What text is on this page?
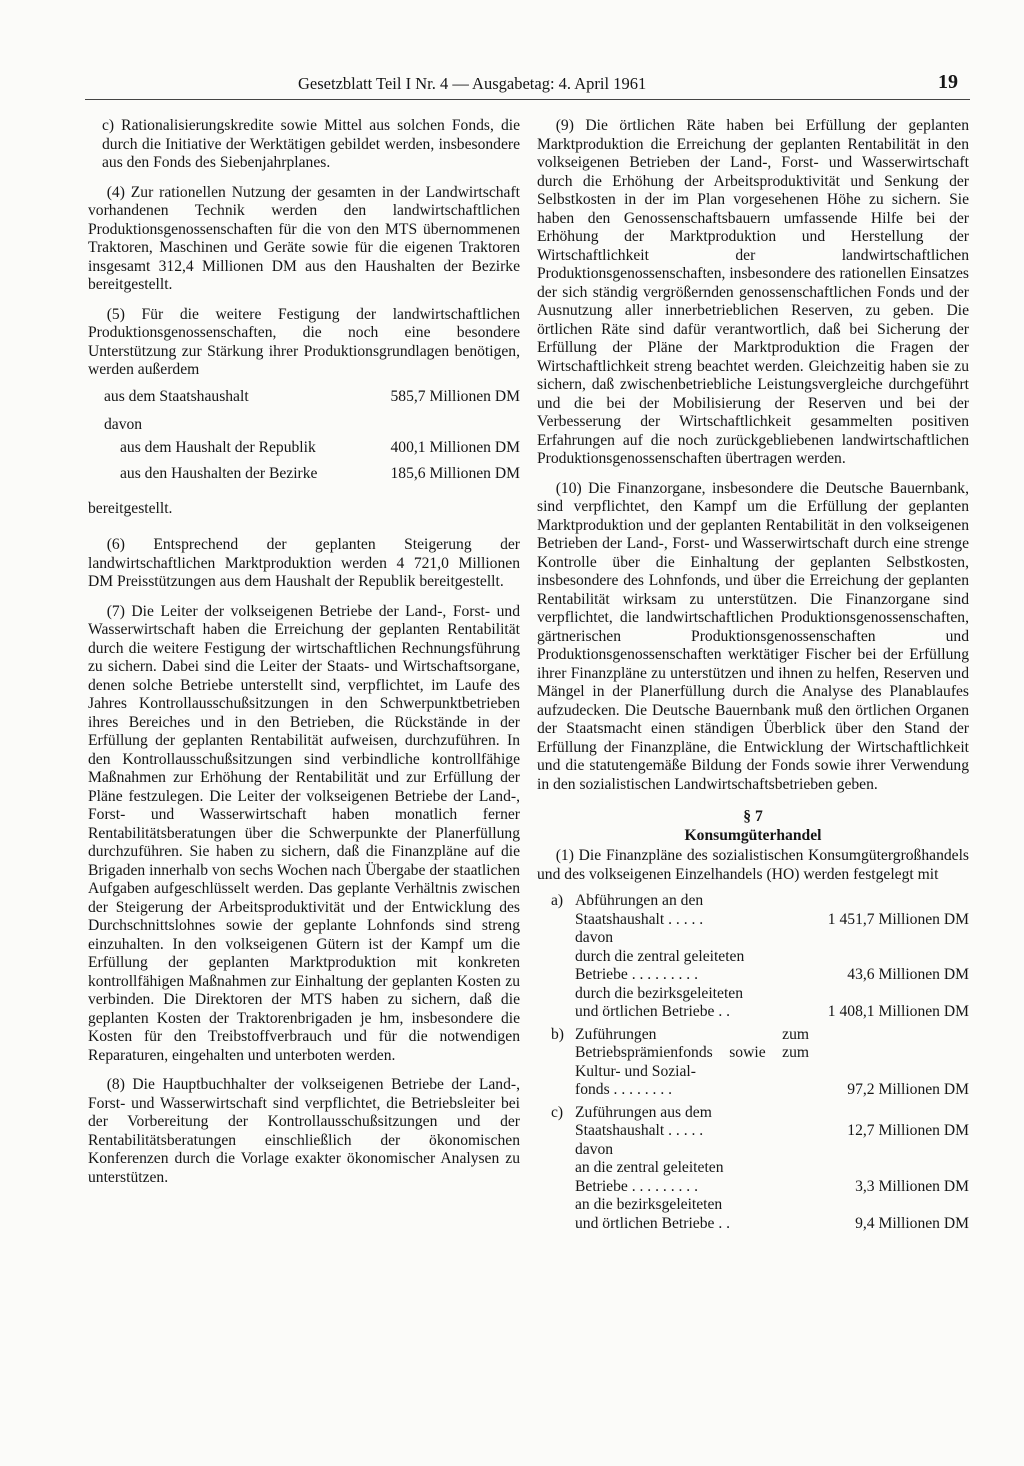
Gesetzblatt Teil I Nr. 4 — Ausgabetag: 4. April 1961	19

c) Rationalisierungskredite sowie Mittel aus solchen Fonds, die durch die Initiative der Werktätigen gebildet werden, insbesondere aus den Fonds des Siebenjahrplanes.

(4) Zur rationellen Nutzung der gesamten in der Landwirtschaft vorhandenen Technik werden den landwirtschaftlichen Produktionsgenossenschaften für die von den MTS übernommenen Traktoren, Maschinen und Geräte sowie für die eigenen Traktoren insgesamt 312,4 Millionen DM aus den Haushalten der Bezirke bereitgestellt.

(5) Für die weitere Festigung der landwirtschaftlichen Produktionsgenossenschaften, die noch eine besondere Unterstützung zur Stärkung ihrer Produktionsgrundlagen benötigen, werden außerdem

aus dem Staatshaushalt	585,7 Millionen DM
davon
aus dem Haushalt der Republik	400,1 Millionen DM
aus den Haushalten der Bezirke	185,6 Millionen DM

bereitgestellt.

(6) Entsprechend der geplanten Steigerung der landwirtschaftlichen Marktproduktion werden 4 721,0 Millionen DM Preisstützungen aus dem Haushalt der Republik bereitgestellt.

(7) Die Leiter der volkseigenen Betriebe der Land-, Forst- und Wasserwirtschaft haben die Erreichung der geplanten Rentabilität durch die weitere Festigung der wirtschaftlichen Rechnungsführung zu sichern. Dabei sind die Leiter der Staats- und Wirtschaftsorgane, denen solche Betriebe unterstellt sind, verpflichtet, im Laufe des Jahres Kontrollausschußsitzungen in den Schwerpunktbetrieben ihres Bereiches und in den Betrieben, die Rückstände in der Erfüllung der geplanten Rentabilität aufweisen, durchzuführen. In den Kontrollausschußsitzungen sind verbindliche kontrollfähige Maßnahmen zur Erhöhung der Rentabilität und zur Erfüllung der Pläne festzulegen. Die Leiter der volkseigenen Betriebe der Land-, Forst- und Wasserwirtschaft haben monatlich ferner Rentabilitätsberatungen über die Schwerpunkte der Planerfüllung durchzuführen. Sie haben zu sichern, daß die Finanzpläne auf die Brigaden innerhalb von sechs Wochen nach Übergabe der staatlichen Aufgaben aufgeschlüsselt werden. Das geplante Verhältnis zwischen der Steigerung der Arbeitsproduktivität und der Entwicklung des Durchschnittslohnes sowie der geplante Lohnfonds sind streng einzuhalten. In den volkseigenen Gütern ist der Kampf um die Erfüllung der geplanten Marktproduktion mit konkreten kontrollfähigen Maßnahmen zur Einhaltung der geplanten Kosten zu verbinden. Die Direktoren der MTS haben zu sichern, daß die geplanten Kosten der Traktorenbrigaden je hm, insbesondere die Kosten für den Treibstoffverbrauch und für die notwendigen Reparaturen, eingehalten und unterboten werden.

(8) Die Hauptbuchhalter der volkseigenen Betriebe der Land-, Forst- und Wasserwirtschaft sind verpflichtet, die Betriebsleiter bei der Vorbereitung der Kontrollausschußsitzungen und der Rentabilitätsberatungen einschließlich der ökonomischen Konferenzen durch die Vorlage exakter ökonomischer Analysen zu unterstützen.

(9) Die örtlichen Räte haben bei Erfüllung der geplanten Marktproduktion die Erreichung der geplanten Rentabilität in den volkseigenen Betrieben der Land-, Forst- und Wasserwirtschaft durch die Erhöhung der Arbeitsproduktivität und Senkung der Selbstkosten in der im Plan vorgesehenen Höhe zu sichern. Sie haben den Genossenschaftsbauern umfassende Hilfe bei der Erhöhung der Marktproduktion und Herstellung der Wirtschaftlichkeit der landwirtschaftlichen Produktionsgenossenschaften, insbesondere des rationellen Einsatzes der sich ständig vergrößernden genossenschaftlichen Fonds und der Ausnutzung aller innerbetrieblichen Reserven, zu geben. Die örtlichen Räte sind dafür verantwortlich, daß bei Sicherung der Erfüllung der Pläne der Marktproduktion die Fragen der Wirtschaftlichkeit streng beachtet werden. Gleichzeitig haben sie zu sichern, daß zwischenbetriebliche Leistungsvergleiche durchgeführt und die bei der Mobilisierung der Reserven und bei der Verbesserung der Wirtschaftlichkeit gesammelten positiven Erfahrungen auf die noch zurückgebliebenen landwirtschaftlichen Produktionsgenossenschaften übertragen werden.

(10) Die Finanzorgane, insbesondere die Deutsche Bauernbank, sind verpflichtet, den Kampf um die Erfüllung der geplanten Marktproduktion und der geplanten Rentabilität in den volkseigenen Betrieben der Land-, Forst- und Wasserwirtschaft durch eine strenge Kontrolle über die Einhaltung der geplanten Selbstkosten, insbesondere des Lohnfonds, und über die Erreichung der geplanten Rentabilität wirksam zu unterstützen. Die Finanzorgane sind verpflichtet, die landwirtschaftlichen Produktionsgenossenschaften, gärtnerischen Produktionsgenossenschaften und Produktionsgenossenschaften werktätiger Fischer bei der Erfüllung ihrer Finanzpläne zu unterstützen und ihnen zu helfen, Reserven und Mängel in der Planerfüllung durch die Analyse des Planablaufes aufzudecken. Die Deutsche Bauernbank muß den örtlichen Organen der Staatsmacht einen ständigen Überblick über den Stand der Erfüllung der Finanzpläne, die Entwicklung der Wirtschaftlichkeit und die statutengemäße Bildung der Fonds sowie ihrer Verwendung in den sozialistischen Landwirtschaftsbetrieben geben.

§ 7
Konsumgüterhandel

(1) Die Finanzpläne des sozialistischen Konsumgütergroßhandels und des volkseigenen Einzelhandels (HO) werden festgelegt mit

a) Abführungen an den
Staatshaushalt . . . . .	1 451,7 Millionen DM
davon
durch die zentral geleiteten
Betriebe . . . . . . . . .	43,6 Millionen DM
durch die bezirksgeleiteten
und örtlichen Betriebe . .	1 408,1 Millionen DM
b) Zuführungen zum Betriebsprämienfonds sowie zum Kultur- und Sozial-
fonds . . . . . . . .	97,2 Millionen DM
c) Zuführungen aus dem
Staatshaushalt . . . . .	12,7 Millionen DM
davon
an die zentral geleiteten
Betriebe . . . . . . . . .	3,3 Millionen DM
an die bezirksgeleiteten
und örtlichen Betriebe . .	9,4 Millionen DM
